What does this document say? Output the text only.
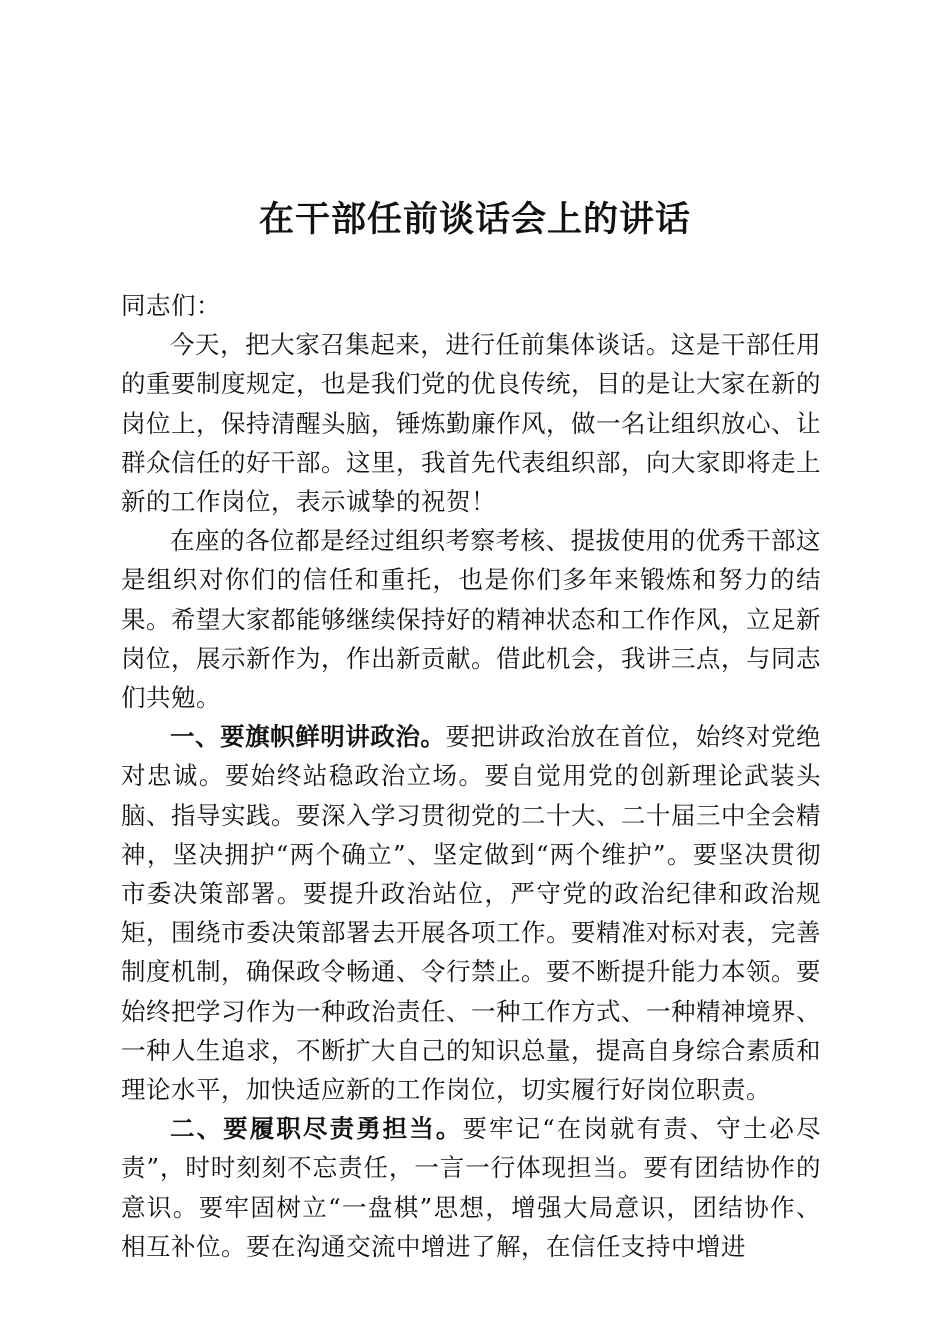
在干部任前谈话会上的讲话

同志们：

今天，把大家召集起来，进行任前集体谈话。这是干部任用的重要制度规定，也是我们党的优良传统，目的是让大家在新的岗位上，保持清醒头脑，锤炼勤廉作风，做一名让组织放心、让群众信任的好干部。这里，我首先代表组织部，向大家即将走上新的工作岗位，表示诚挚的祝贺！

在座的各位都是经过组织考察考核、提拔使用的优秀干部这是组织对你们的信任和重托，也是你们多年来锻炼和努力的结果。希望大家都能够继续保持好的精神状态和工作作风，立足新岗位，展示新作为，作出新贡献。借此机会，我讲三点，与同志们共勉。

一、要旗帜鲜明讲政治。要把讲政治放在首位，始终对党绝对忠诚。要始终站稳政治立场。要自觉用党的创新理论武装头脑、指导实践。要深入学习贯彻党的二十大、二十届三中全会精神，坚决拥护“两个确立”、坚定做到“两个维护”。要坚决贯彻市委决策部署。要提升政治站位，严守党的政治纪律和政治规矩，围绕市委决策部署去开展各项工作。要精准对标对表，完善制度机制，确保政令畅通、令行禁止。要不断提升能力本领。要始终把学习作为一种政治责任、一种工作方式、一种精神境界、一种人生追求，不断扩大自己的知识总量，提高自身综合素质和理论水平，加快适应新的工作岗位，切实履行好岗位职责。

二、要履职尽责勇担当。要牢记“在岗就有责、守土必尽责”，时时刻刻不忘责任，一言一行体现担当。要有团结协作的意识。要牢固树立“一盘棋”思想，增强大局意识，团结协作、相互补位。要在沟通交流中增进了解，在信任支持中增进
